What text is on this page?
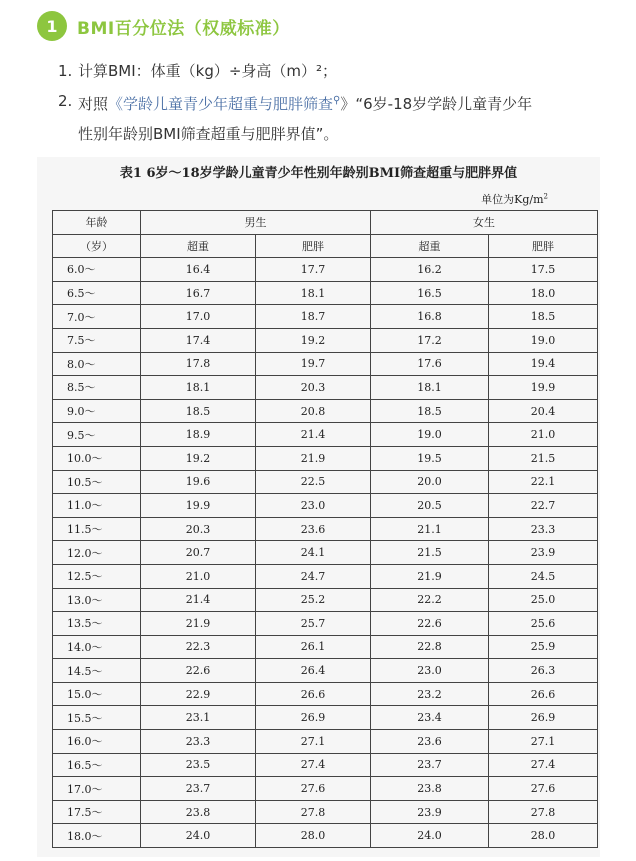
1	BMI百分位法（权威标准）
1. 计算BMI：体重（kg）÷身高（m）²；
2. 对照《学龄儿童青少年超重与肥胖筛查⚲》“6岁-18岁学龄儿童青少年
性别年龄别BMI筛查超重与肥胖界值”。
表1 6岁～18岁学龄儿童青少年性别年龄别BMI筛查超重与肥胖界值
单位为$Kg/m^2$
年龄	男生		女生	
（岁）	超重	肥胖	超重	肥胖
6.0～	16.4	17.7	16.2	17.5
6.5～	16.7	18.1	16.5	18.0
7.0～	17.0	18.7	16.8	18.5
7.5～	17.4	19.2	17.2	19.0
8.0～	17.8	19.7	17.6	19.4
8.5～	18.1	20.3	18.1	19.9
9.0～	18.5	20.8	18.5	20.4
9.5～	18.9	21.4	19.0	21.0
10.0～	19.2	21.9	19.5	21.5
10.5～	19.6	22.5	20.0	22.1
11.0～	19.9	23.0	20.5	22.7
11.5～	20.3	23.6	21.1	23.3
12.0～	20.7	24.1	21.5	23.9
12.5～	21.0	24.7	21.9	24.5
13.0～	21.4	25.2	22.2	25.0
13.5～	21.9	25.7	22.6	25.6
14.0～	22.3	26.1	22.8	25.9
14.5～	22.6	26.4	23.0	26.3
15.0～	22.9	26.6	23.2	26.6
15.5～	23.1	26.9	23.4	26.9
16.0～	23.3	27.1	23.6	27.1
16.5～	23.5	27.4	23.7	27.4
17.0～	23.7	27.6	23.8	27.6
17.5～	23.8	27.8	23.9	27.8
18.0～	24.0	28.0	24.0	28.0
